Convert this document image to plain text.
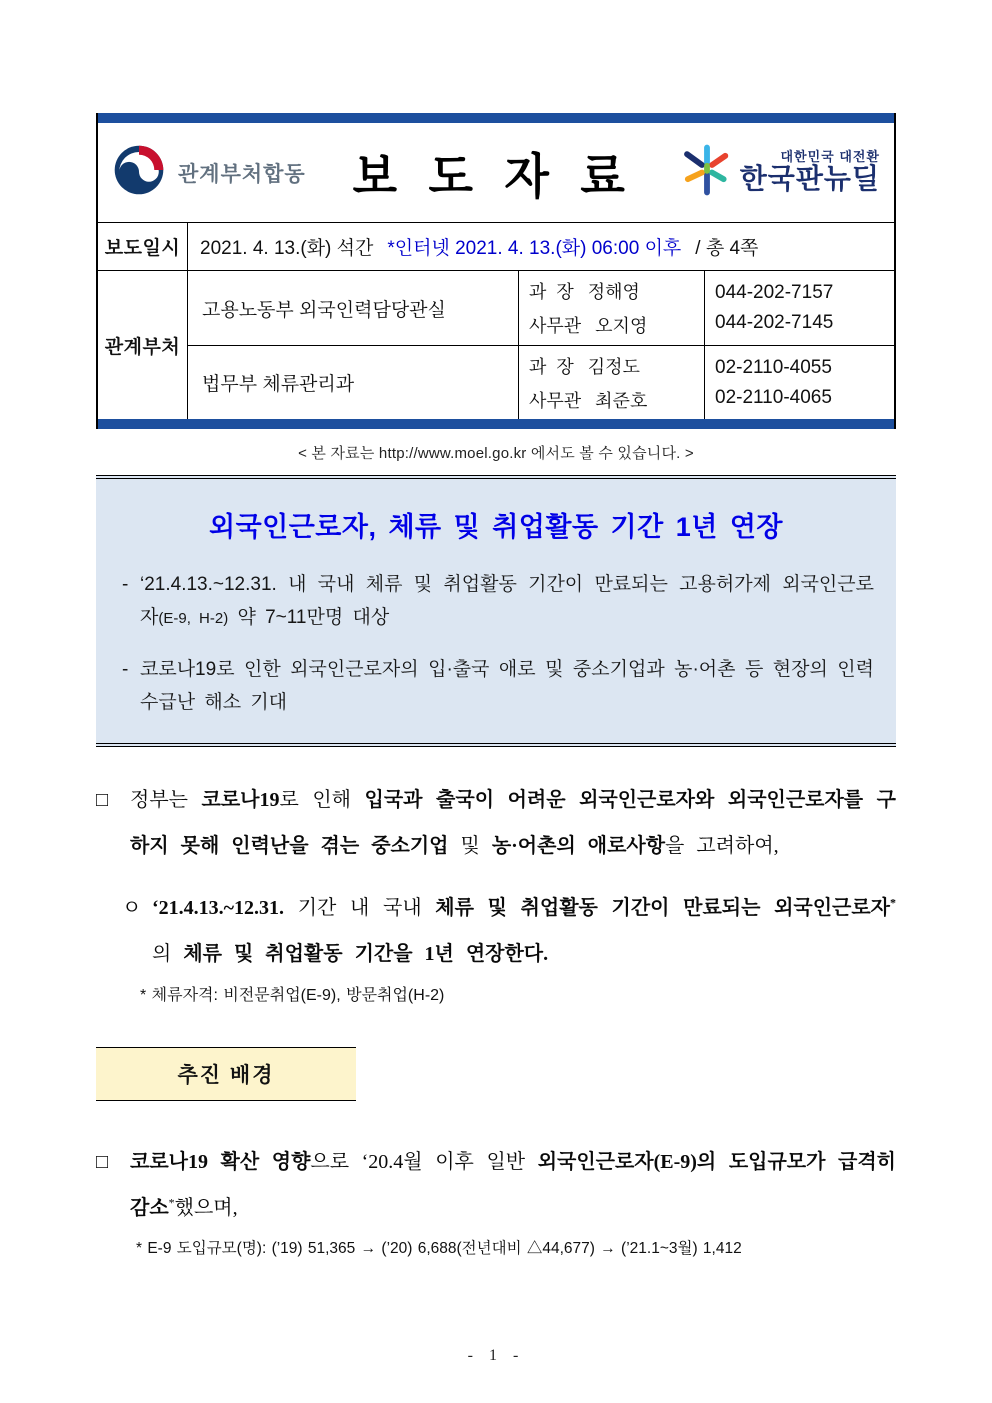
관계부처합동 보 도 자 료	대한민국 대전환
한국판뉴딜
보도일시	2021. 4. 13.(화) 석간 *인터넷 2021. 4. 13.(화) 06:00 이후 / 총 4쪽
관계부처
고용노동부 외국인력담당관실
과  장 정해영
사무관 오지영
044-202-7157
044-202-7145
법무부 체류관리과
과  장 김정도
사무관 최준호
02-2110-4055
02-2110-4065
< 본 자료는 http://www.moel.go.kr 에서도 볼 수 있습니다. >
외국인근로자, 체류 및 취업활동 기간 1년 연장
- ‘21.4.13.~12.31. 내 국내 체류 및 취업활동 기간이 만료되는 고용허가제 외국인근로자(E-9, H-2) 약 7~11만명 대상
- 코로나19로 인한 외국인근로자의 입·출국 애로 및 중소기업과 농·어촌 등 현장의 인력수급난 해소 기대
□ 정부는 코로나19로 인해 입국과 출국이 어려운 외국인근로자와 외국인근로자를 구하지 못해 인력난을 겪는 중소기업 및 농·어촌의 애로사항을 고려하여,
ㅇ ‘21.4.13.~12.31. 기간 내 국내 체류 및 취업활동 기간이 만료되는 외국인근로자*의 체류 및 취업활동 기간을 1년 연장한다.
* 체류자격: 비전문취업(E-9), 방문취업(H-2)
추진 배경
□ 코로나19 확산 영향으로 ‘20.4월 이후 일반 외국인근로자(E-9)의 도입규모가 급격히 감소*했으며,
* E-9 도입규모(명): (’19) 51,365 → (’20) 6,688(전년대비 △44,677) → (’21.1~3월) 1,412
- 1 -
